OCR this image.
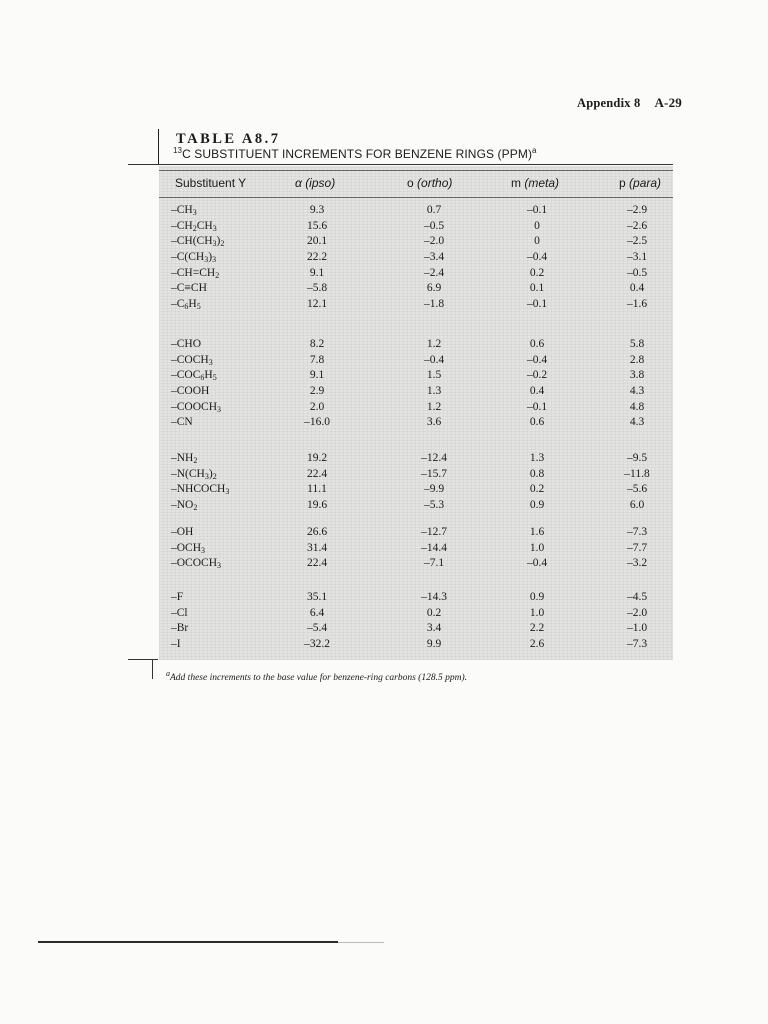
Appendix 8 A-29
TABLE A8.7
$^{13}$C SUBSTITUENT INCREMENTS FOR BENZENE RINGS (PPM)$^a$
Substituent Y	α (ipso)	o (ortho)	m (meta)	p (para)
$-CH_3$	9.3	0.7	–0.1	–2.9
$-CH_2CH_3$	15.6	–0.5	0	–2.6
$-CH(CH_3)_2$	20.1	–2.0	0	–2.5
$-C(CH_3)_3$	22.2	–3.4	–0.4	–3.1
$-CH=CH_2$	9.1	–2.4	0.2	–0.5
–C≡CH	–5.8	6.9	0.1	0.4
$-C_6H_5$	12.1	–1.8	–0.1	–1.6
–CHO	8.2	1.2	0.6	5.8
$-COCH_3$	7.8	–0.4	–0.4	2.8
$-COC_6H_5$	9.1	1.5	–0.2	3.8
–COOH	2.9	1.3	0.4	4.3
$-COOCH_3$	2.0	1.2	–0.1	4.8
–CN	–16.0	3.6	0.6	4.3
$-NH_2$	19.2	–12.4	1.3	–9.5
$-N(CH_3)_2$	22.4	–15.7	0.8	–11.8
$-NHCOCH_3$	11.1	–9.9	0.2	–5.6
$-NO_2$	19.6	–5.3	0.9	6.0
–OH	26.6	–12.7	1.6	–7.3
$-OCH_3$	31.4	–14.4	1.0	–7.7
$-OCOCH_3$	22.4	–7.1	–0.4	–3.2
–F	35.1	–14.3	0.9	–4.5
–Cl	6.4	0.2	1.0	–2.0
–Br	–5.4	3.4	2.2	–1.0
–I	–32.2	9.9	2.6	–7.3
$^a$Add these increments to the base value for benzene-ring carbons (128.5 ppm).
